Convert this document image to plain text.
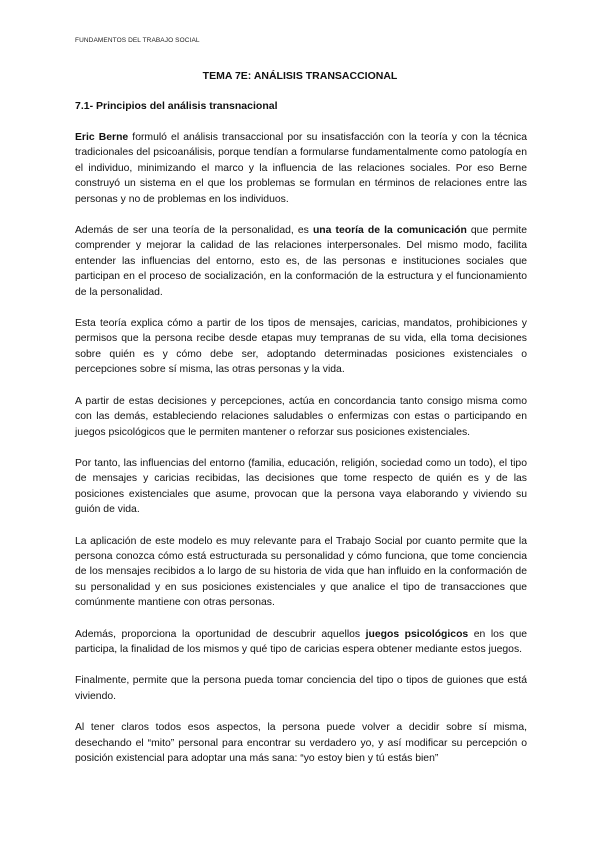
FUNDAMENTOS DEL TRABAJO SOCIAL
TEMA 7E: ANÁLISIS TRANSACCIONAL
7.1- Principios del análisis transnacional

Eric Berne formuló el análisis transaccional por su insatisfacción con la teoría y con la técnica tradicionales del psicoanálisis, porque tendían a formularse fundamentalmente como patología en el individuo, minimizando el marco y la influencia de las relaciones sociales. Por eso Berne construyó un sistema en el que los problemas se formulan en términos de relaciones entre las personas y no de problemas en los individuos.

Además de ser una teoría de la personalidad, es una teoría de la comunicación que permite comprender y mejorar la calidad de las relaciones interpersonales. Del mismo modo, facilita entender las influencias del entorno, esto es, de las personas e instituciones sociales que participan en el proceso de socialización, en la conformación de la estructura y el funcionamiento de la personalidad.

Esta teoría explica cómo a partir de los tipos de mensajes, caricias, mandatos, prohibiciones y permisos que la persona recibe desde etapas muy tempranas de su vida, ella toma decisiones sobre quién es y cómo debe ser, adoptando determinadas posiciones existenciales o percepciones sobre sí misma, las otras personas y la vida.

A partir de estas decisiones y percepciones, actúa en concordancia tanto consigo misma como con las demás, estableciendo relaciones saludables o enfermizas con estas o participando en juegos psicológicos que le permiten mantener o reforzar sus posiciones existenciales.

Por tanto, las influencias del entorno (familia, educación, religión, sociedad como un todo), el tipo de mensajes y caricias recibidas, las decisiones que tome respecto de quién es y de las posiciones existenciales que asume, provocan que la persona vaya elaborando y viviendo su guión de vida.

La aplicación de este modelo es muy relevante para el Trabajo Social por cuanto permite que la persona conozca cómo está estructurada su personalidad y cómo funciona, que tome conciencia de los mensajes recibidos a lo largo de su historia de vida que han influido en la conformación de su personalidad y en sus posiciones existenciales y que analice el tipo de transacciones que comúnmente mantiene con otras personas.

Además, proporciona la oportunidad de descubrir aquellos juegos psicológicos en los que participa, la finalidad de los mismos y qué tipo de caricias espera obtener mediante estos juegos.

Finalmente, permite que la persona pueda tomar conciencia del tipo o tipos de guiones que está viviendo.

Al tener claros todos esos aspectos, la persona puede volver a decidir sobre sí misma, desechando el “mito” personal para encontrar su verdadero yo, y así modificar su percepción o posición existencial para adoptar una más sana: “yo estoy bien y tú estás bien”
